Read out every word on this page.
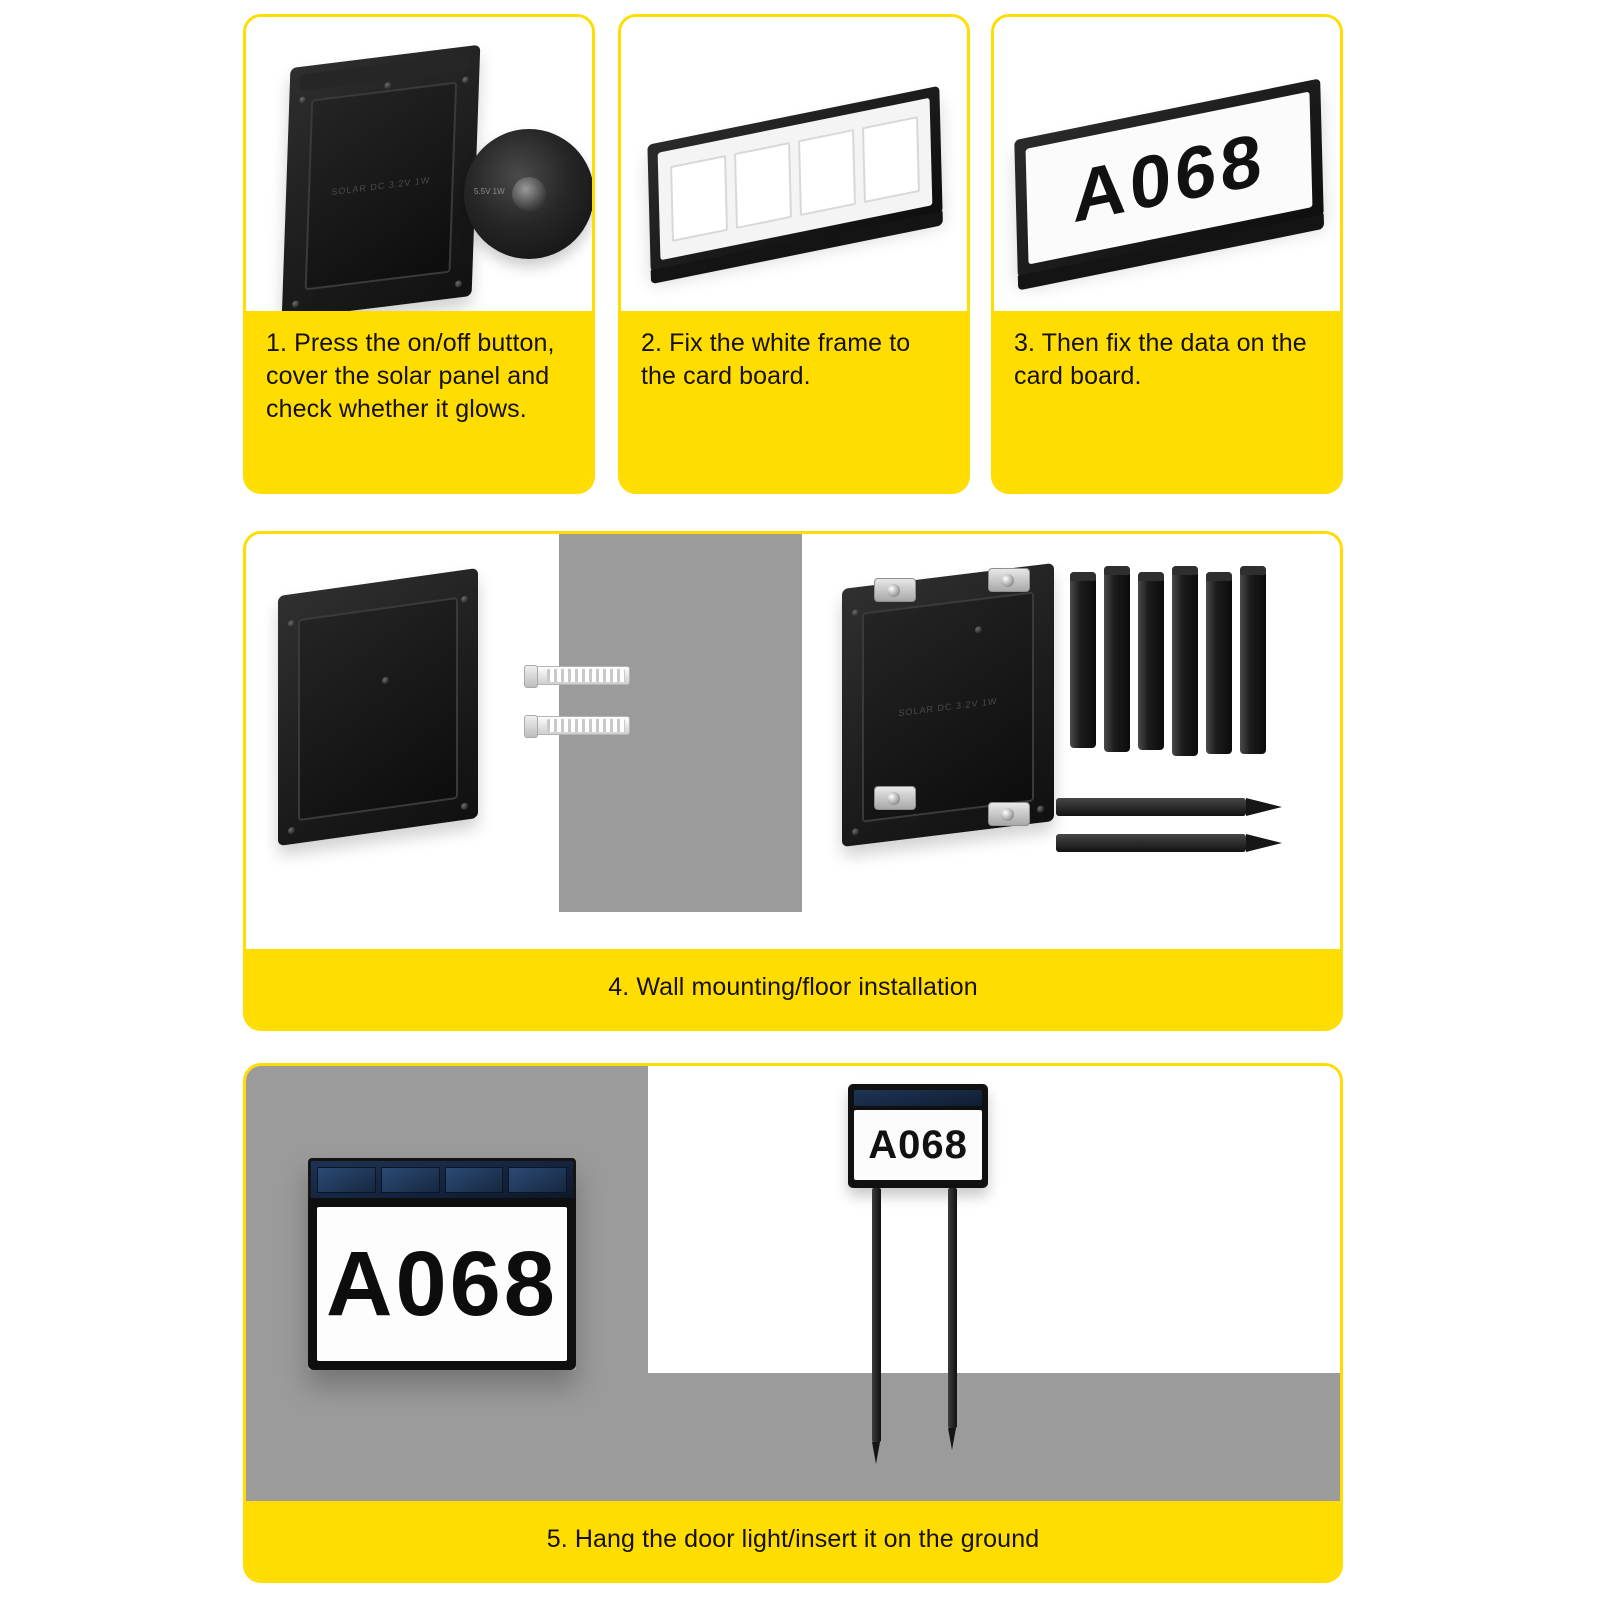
SOLAR DC 3.2V 1W	5.5V 1W
1. Press the on/off button, cover the solar panel and check whether it glows.
2. Fix the white frame to the card board.
A068
3. Then fix the data on the card board.
SOLAR DC 3.2V 1W
4. Wall mounting/floor installation
A068
A068
5. Hang the door light/insert it on the ground
